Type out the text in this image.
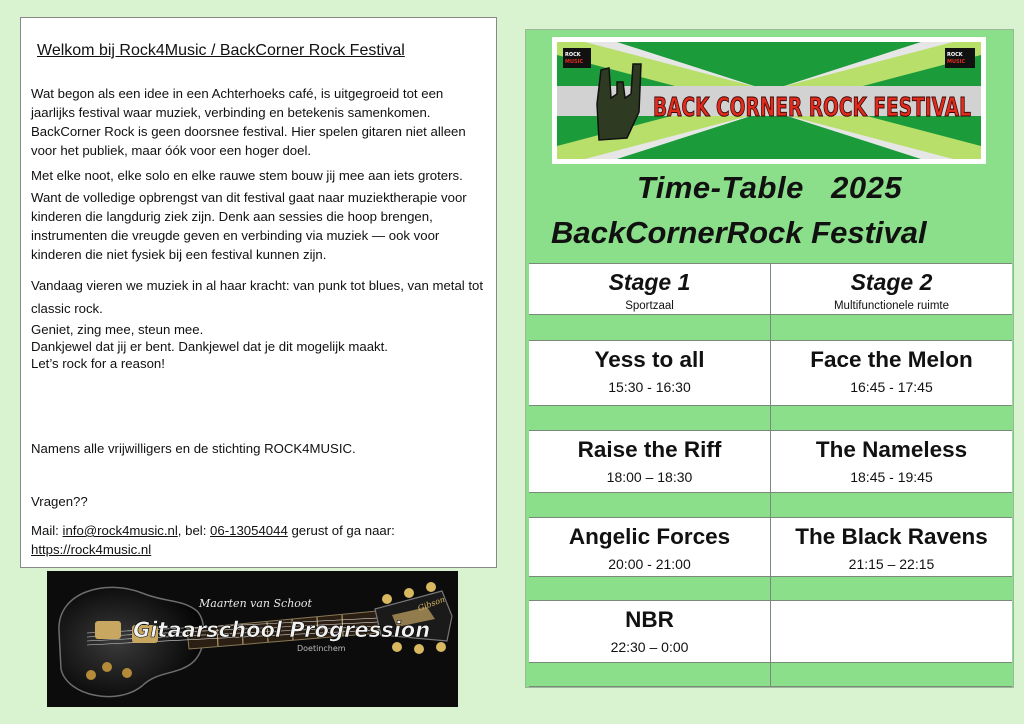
Welkom bij Rock4Music / BackCorner Rock Festival

Wat begon als een idee in een Achterhoeks café, is uitgegroeid tot een jaarlijks festival waar muziek, verbinding en betekenis samenkomen. BackCorner Rock is geen doorsnee festival. Hier spelen gitaren niet alleen voor het publiek, maar óók voor een hoger doel.

Met elke noot, elke solo en elke rauwe stem bouw jij mee aan iets groters.

Want de volledige opbrengst van dit festival gaat naar muziektherapie voor kinderen die langdurig ziek zijn. Denk aan sessies die hoop brengen, instrumenten die vreugde geven en verbinding via muziek — ook voor kinderen die niet fysiek bij een festival kunnen zijn.

Vandaag vieren we muziek in al haar kracht: van punk tot blues, van metal tot classic rock.

Geniet, zing mee, steun mee.

Dankjewel dat jij er bent. Dankjewel dat je dit mogelijk maakt.

Let’s rock for a reason!

Namens alle vrijwilligers en de stichting ROCK4MUSIC.

Vragen??

Mail: info@rock4music.nl, bel: 06-13054044 gerust of ga naar:
https://rock4music.nl

Maarten van Schoot
Gitaarschool Progression
Doetinchem
Gibson
ROCK
MUSIC
ROCK
MUSIC
BACK CORNER ROCK FESTIVAL
Time-Table   2025
BackCornerRock Festival
Stage 1
Sportzaal
Stage 2
Multifunctionele ruimte
Yess to all
15:30 - 16:30
Face the Melon
16:45 - 17:45
Raise the Riff
18:00 – 18:30
The Nameless
18:45 - 19:45
Angelic Forces
20:00 - 21:00
The Black Ravens
21:15 – 22:15
NBR
22:30 – 0:00
